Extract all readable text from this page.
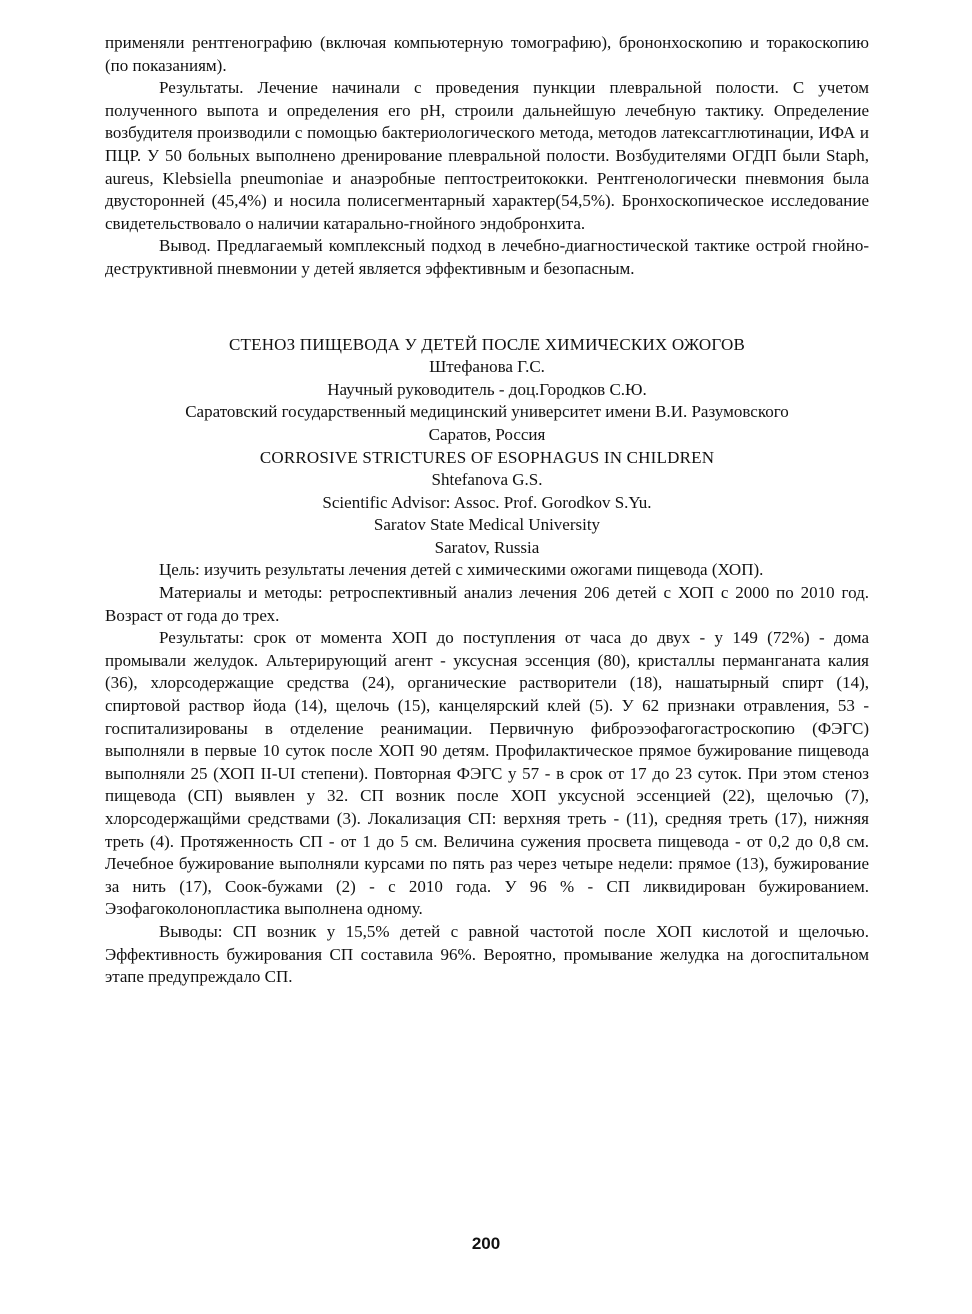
применяли рентгенографию (включая компьютерную томографию), брононхоскопию и торакоскопию (по показаниям).

Результаты. Лечение начинали с проведения пункции плевральной полости. С учетом полученного выпота и определения его рН, строили дальнейшую лечебную тактику. Определение возбудителя производили с помощью бактериологического метода, методов латексагглютинации, ИФА и ПЦР. У 50 больных выполнено дренирование плевральной полости. Возбудителями ОГДП были Staph, aureus, Klebsiella pneumoniae и анаэробные пептостреитококки. Рентгенологически пневмония была двусторонней (45,4%) и носила полисегментарный характер(54,5%). Бронхоскопическое исследование свидетельствовало о наличии катарально-гнойного эндобронхита.

Вывод. Предлагаемый комплексный подход в лечебно-диагностической тактике острой гнойно-деструктивной пневмонии у детей является эффективным и безопасным.

СТЕНОЗ ПИЩЕВОДА У ДЕТЕЙ ПОСЛЕ ХИМИЧЕСКИХ ОЖОГОВ

Штефанова Г.С.

Научный руководитель - доц.Городков С.Ю.

Саратовский государственный медицинский университет имени В.И. Разумовского

Саратов, Россия

CORROSIVE STRICTURES OF ESOPHAGUS IN CHILDREN

Shtefanova G.S.

Scientific Advisor: Assoc. Prof. Gorodkov S.Yu.

Saratov State Medical University

Saratov, Russia

Цель: изучить результаты лечения детей с химическими ожогами пищевода (ХОП).

Материалы и методы: ретроспективный анализ лечения 206 детей с ХОП с 2000 по 2010 год. Возраст от года до трех.

Результаты: срок от момента ХОП до поступления от часа до двух - у 149 (72%) - дома промывали желудок. Альтерирующий агент - уксусная эссенция (80), кристаллы перманганата калия (36), хлорсодержащие средства (24), органические растворители (18), нашатырный спирт (14), спиртовой раствор йода (14), щелочь (15), канцелярский клей (5). У 62 признаки отравления, 53 - госпитализированы в отделение реанимации. Первичную фиброээофагогастроскопию (ФЭГС) выполняли в первые 10 суток после ХОП 90 детям. Профилактическое прямое бужирование пищевода выполняли 25 (ХОП II-UI степени). Повторная ФЭГС у 57 - в срок от 17 до 23 суток. При этом стеноз пищевода (СП) выявлен у 32. СП возник после ХОП уксусной эссенцией (22), щелочью (7), хлорсодержащйми средствами (3). Локализация СП: верхняя треть - (11), средняя треть (17), нижняя треть (4). Протяженность СП - от 1 до 5 см. Величина сужения просвета пищевода - от 0,2 до 0,8 см. Лечебное бужирование выполняли курсами по пять раз через четыре недели: прямое (13), бужирование за нить (17), Соок-бужами (2) - с 2010 года. У 96 % - СП ликвидирован бужированием. Эзофагоколонопластика выполнена одному.

Выводы: СП возник у 15,5% детей с равной частотой после ХОП кислотой и щелочью. Эффективность бужирования СП составила 96%. Вероятно, промывание желудка на догоспитальном этапе предупреждало СП.

200
